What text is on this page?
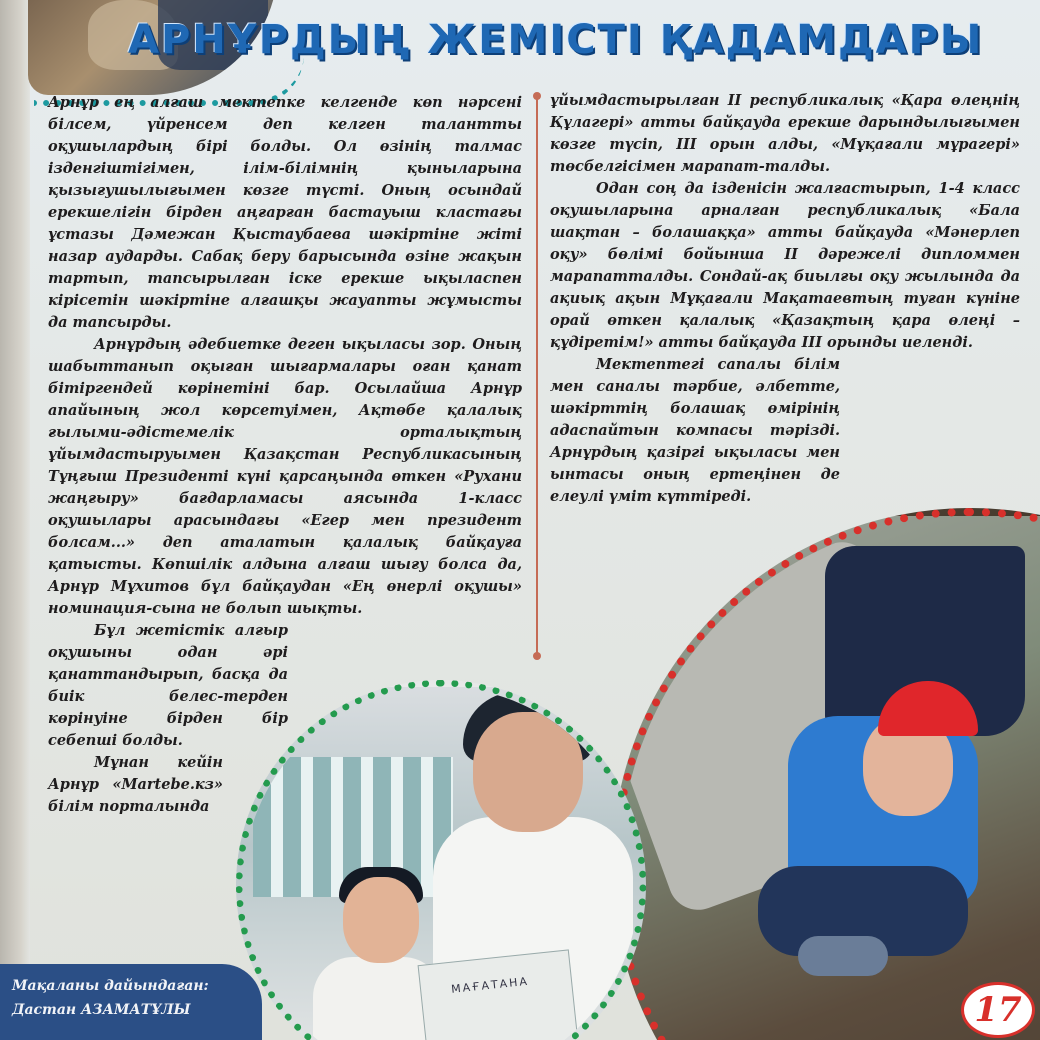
АРНҰРДЫҢ ЖЕМІСТІ ҚАДАМДАРЫ

Арнұр ең алғаш мектепке келгенде көп нәрсені білсем, үйренсем деп келген талантты оқушылардың бірі болды. Ол өзінің талмас ізденгіштігімен, ілім-білімнің қыныларына қызығушылығымен көзге түсті. Оның осындай ерекшелігін бірден аңғарған бастауыш кластағы ұстазы Дәмежан Қыстаубаева шәкіртіне жіті назар аударды. Сабақ беру барысында өзіне жақын тартып, тапсырылған іске ерекше ықыласпен кірісетін шәкіртіне алғашқы жауапты жұмысты да тапсырды.

Арнұрдың әдебиетке деген ықыласы зор. Оның шабыттанып оқыған шығармалары оған қанат бітіргендей көрінетіні бар. Осылайша Арнұр апайының жол көрсетуімен, Ақтөбе қалалық ғылыми-әдістемелік орталықтың ұйымдастыруымен Қазақстан Республикасының Тұңғыш Президенті күні қарсаңында өткен «Рухани жаңғыру» бағдарламасы аясында 1-класс оқушылары арасындағы «Егер мен президент болсам...» деп аталатын қалалық байқауға қатысты. Көпшілік алдына алғаш шығу болса да, Арнұр Мұхитов бұл байқаудан «Ең өнерлі оқушы» номинация-сына не болып шықты.

Бұл жетістік алғыр оқушыны одан әрі қанаттандырып, басқа да биік белес-терден көрінуіне бірден бір себепші болды.

Мұнан кейін Арнұр «Martebe.кз» білім порталында

ұйымдастырылған II республикалық «Қара өлеңнің Құлагері» атты байқауда ерекше дарындылығымен көзге түсіп, III орын алды, «Мұқағали мұрагері» төсбелгісімен марапат-талды.

Одан соң да ізденісін жалғастырып, 1-4 класс оқушыларына арналған республикалық «Бала шақтан – болашаққа» атты байқауда «Мәнерлеп оқу» бөлімі бойынша II дәрежелі дипломмен марапатталды. Сондай-ақ биылғы оқу жылында да ақиық ақын Мұқағали Мақатаевтың туған күніне орай өткен қалалық «Қазақтың қара өлеңі – құдіретім!» атты байқауда III орынды иеленді.

Мектептегі сапалы білім мен саналы тәрбие, әлбетте, шәкірттің болашақ өмірінің адаспайтын компасы тәрізді. Арнұрдың қазіргі ықыласы мен ынтасы оның ертеңінен де елеулі үміт күттіреді.

МАҒАТАНА
Мақаланы дайындаған:
Дастан АЗАМАТҰЛЫ	17
